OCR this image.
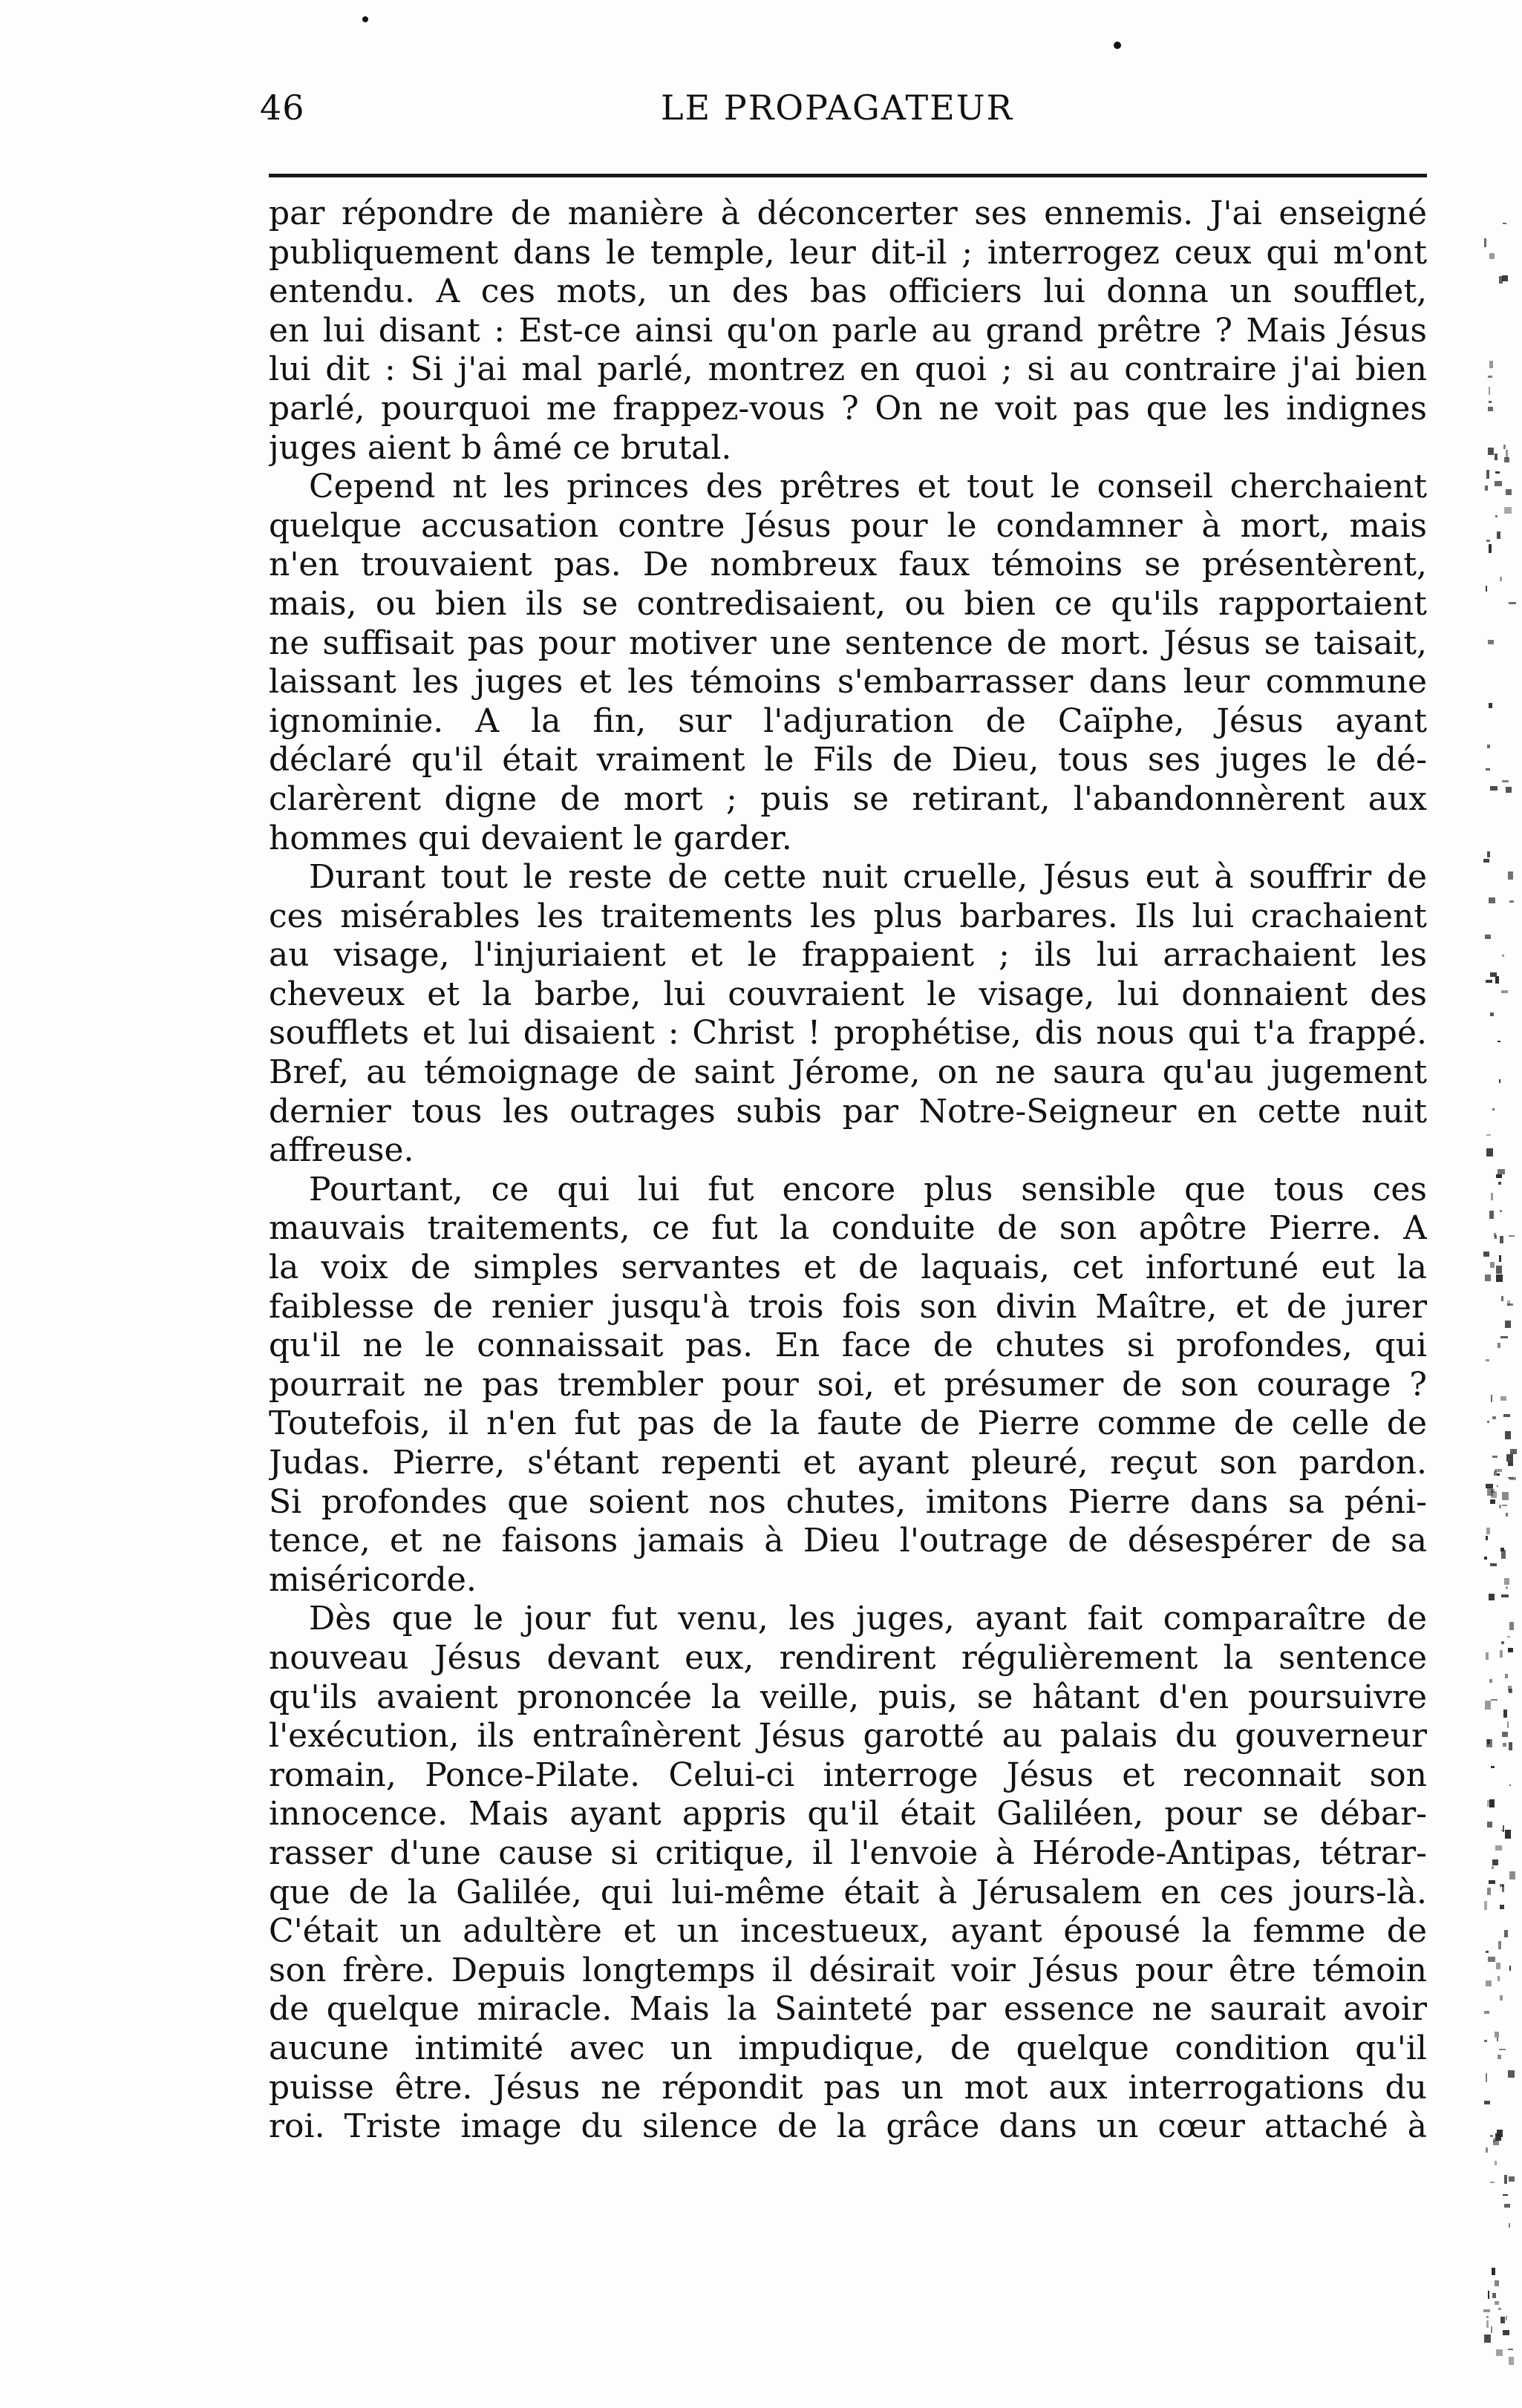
46	LE PROPAGATEUR
par répondre de manière à déconcerter ses ennemis. J'ai enseigné
publiquement dans le temple, leur dit-il ; interrogez ceux qui m'ont
entendu. A ces mots, un des bas officiers lui donna un soufflet,
en lui disant : Est-ce ainsi qu'on parle au grand prêtre ? Mais Jésus
lui dit : Si j'ai mal parlé, montrez en quoi ; si au contraire j'ai bien
parlé, pourquoi me frappez-vous ? On ne voit pas que les indignes
juges aient b âmé ce brutal.
Cepend nt les princes des prêtres et tout le conseil cherchaient
quelque accusation contre Jésus pour le condamner à mort, mais
n'en trouvaient pas. De nombreux faux témoins se présentèrent,
mais, ou bien ils se contredisaient, ou bien ce qu'ils rapportaient
ne suffisait pas pour motiver une sentence de mort. Jésus se taisait,
laissant les juges et les témoins s'embarrasser dans leur commune
ignominie. A la fin, sur l'adjuration de Caïphe, Jésus ayant
déclaré qu'il était vraiment le Fils de Dieu, tous ses juges le dé-
clarèrent digne de mort ; puis se retirant, l'abandonnèrent aux
hommes qui devaient le garder.
Durant tout le reste de cette nuit cruelle, Jésus eut à souffrir de
ces misérables les traitements les plus barbares. Ils lui crachaient
au visage, l'injuriaient et le frappaient ; ils lui arrachaient les
cheveux et la barbe, lui couvraient le visage, lui donnaient des
soufflets et lui disaient : Christ ! prophétise, dis nous qui t'a frappé.
Bref, au témoignage de saint Jérome, on ne saura qu'au jugement
dernier tous les outrages subis par Notre-Seigneur en cette nuit
affreuse.
Pourtant, ce qui lui fut encore plus sensible que tous ces
mauvais traitements, ce fut la conduite de son apôtre Pierre. A
la voix de simples servantes et de laquais, cet infortuné eut la
faiblesse de renier jusqu'à trois fois son divin Maître, et de jurer
qu'il ne le connaissait pas. En face de chutes si profondes, qui
pourrait ne pas trembler pour soi, et présumer de son courage ?
Toutefois, il n'en fut pas de la faute de Pierre comme de celle de
Judas. Pierre, s'étant repenti et ayant pleuré, reçut son pardon.
Si profondes que soient nos chutes, imitons Pierre dans sa péni-
tence, et ne faisons jamais à Dieu l'outrage de désespérer de sa
miséricorde.
Dès que le jour fut venu, les juges, ayant fait comparaître de
nouveau Jésus devant eux, rendirent régulièrement la sentence
qu'ils avaient prononcée la veille, puis, se hâtant d'en poursuivre
l'exécution, ils entraînèrent Jésus garotté au palais du gouverneur
romain, Ponce-Pilate. Celui-ci interroge Jésus et reconnait son
innocence. Mais ayant appris qu'il était Galiléen, pour se débar-
rasser d'une cause si critique, il l'envoie à Hérode-Antipas, tétrar-
que de la Galilée, qui lui-même était à Jérusalem en ces jours-là.
C'était un adultère et un incestueux, ayant épousé la femme de
son frère. Depuis longtemps il désirait voir Jésus pour être témoin
de quelque miracle. Mais la Sainteté par essence ne saurait avoir
aucune intimité avec un impudique, de quelque condition qu'il
puisse être. Jésus ne répondit pas un mot aux interrogations du
roi. Triste image du silence de la grâce dans un cœur attaché à
